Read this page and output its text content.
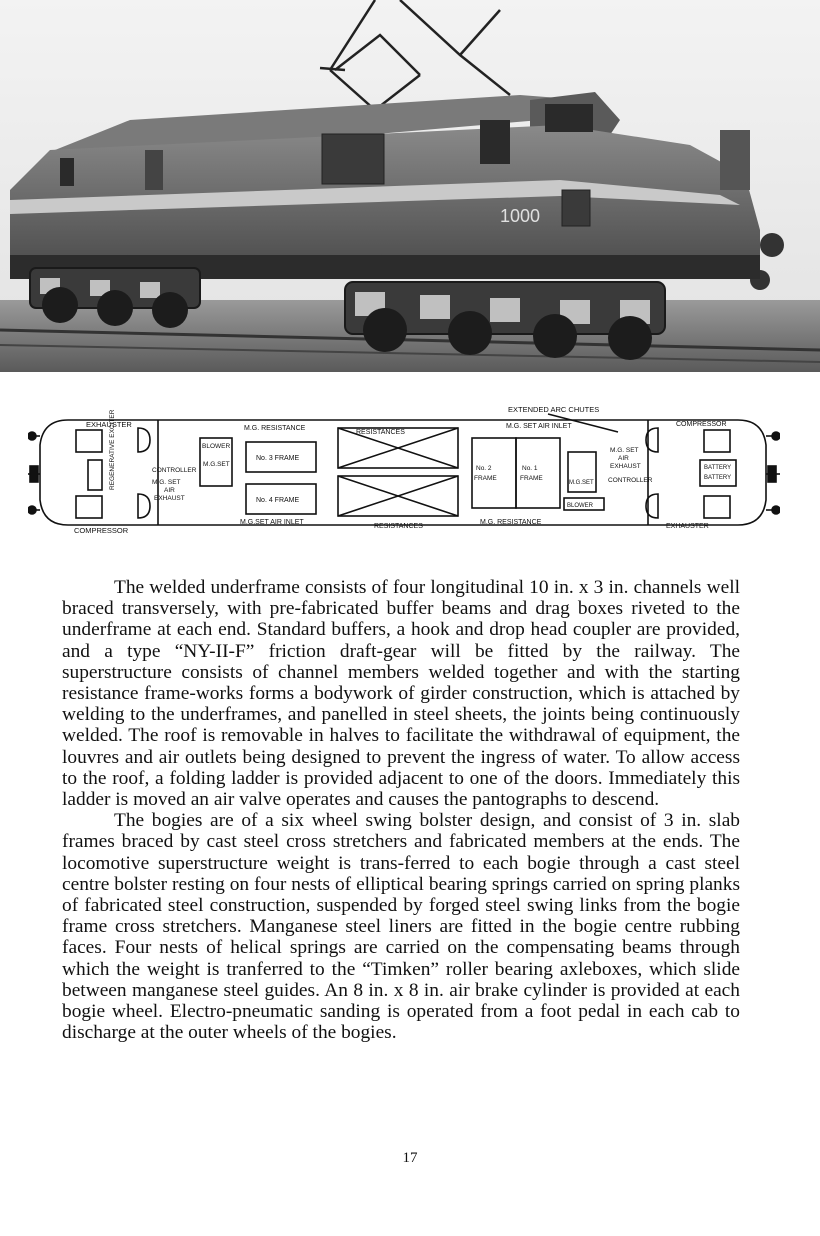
1000
EXTENDED ARC CHUTES
EXHAUSTER
COMPRESSOR
REGENERATIVE EXCITER	CONTROLLER
M.G. SET
AIR
EXHAUST
M.G. RESISTANCE
BLOWER
M.G.SET
No. 3 FRAME
No. 4 FRAME
M.G.SET AIR INLET
RESISTANCES
RESISTANCES
M.G. SET AIR INLET
No. 2
FRAME
No. 1
FRAME
M.G.SET
BLOWER
M.G. RESISTANCE
M.G. SET
AIR
EXHAUST
CONTROLLER
COMPRESSOR
BATTERY
BATTERY
EXHAUSTER

The welded underframe consists of four longitudinal 10 in. x 3 in. channels well braced transversely, with pre-fabricated buffer beams and drag boxes riveted to the underframe at each end. Standard buffers, a hook and drop head coupler are provided, and a type “NY-II-F” friction draft-gear will be fitted by the railway. The superstructure consists of channel members welded together and with the starting resistance frame-works forms a bodywork of girder construction, which is attached by welding to the underframes, and panelled in steel sheets, the joints being continuously welded. The roof is removable in halves to facilitate the withdrawal of equipment, the louvres and air outlets being designed to prevent the ingress of water. To allow access to the roof, a folding ladder is provided adjacent to one of the doors. Immediately this ladder is moved an air valve operates and causes the pantographs to descend.

The bogies are of a six wheel swing bolster design, and consist of 3 in. slab frames braced by cast steel cross stretchers and fabricated members at the ends. The locomotive superstructure weight is trans-ferred to each bogie through a cast steel centre bolster resting on four nests of elliptical bearing springs carried on spring planks of fabricated steel construction, suspended by forged steel swing links from the bogie frame cross stretchers. Manganese steel liners are fitted in the bogie centre rubbing faces. Four nests of helical springs are carried on the compensating beams through which the weight is tranferred to the “Timken” roller bearing axleboxes, which slide between manganese steel guides. An 8 in. x 8 in. air brake cylinder is provided at each bogie wheel. Electro-pneumatic sanding is operated from a foot pedal in each cab to discharge at the outer wheels of the bogies.

17
